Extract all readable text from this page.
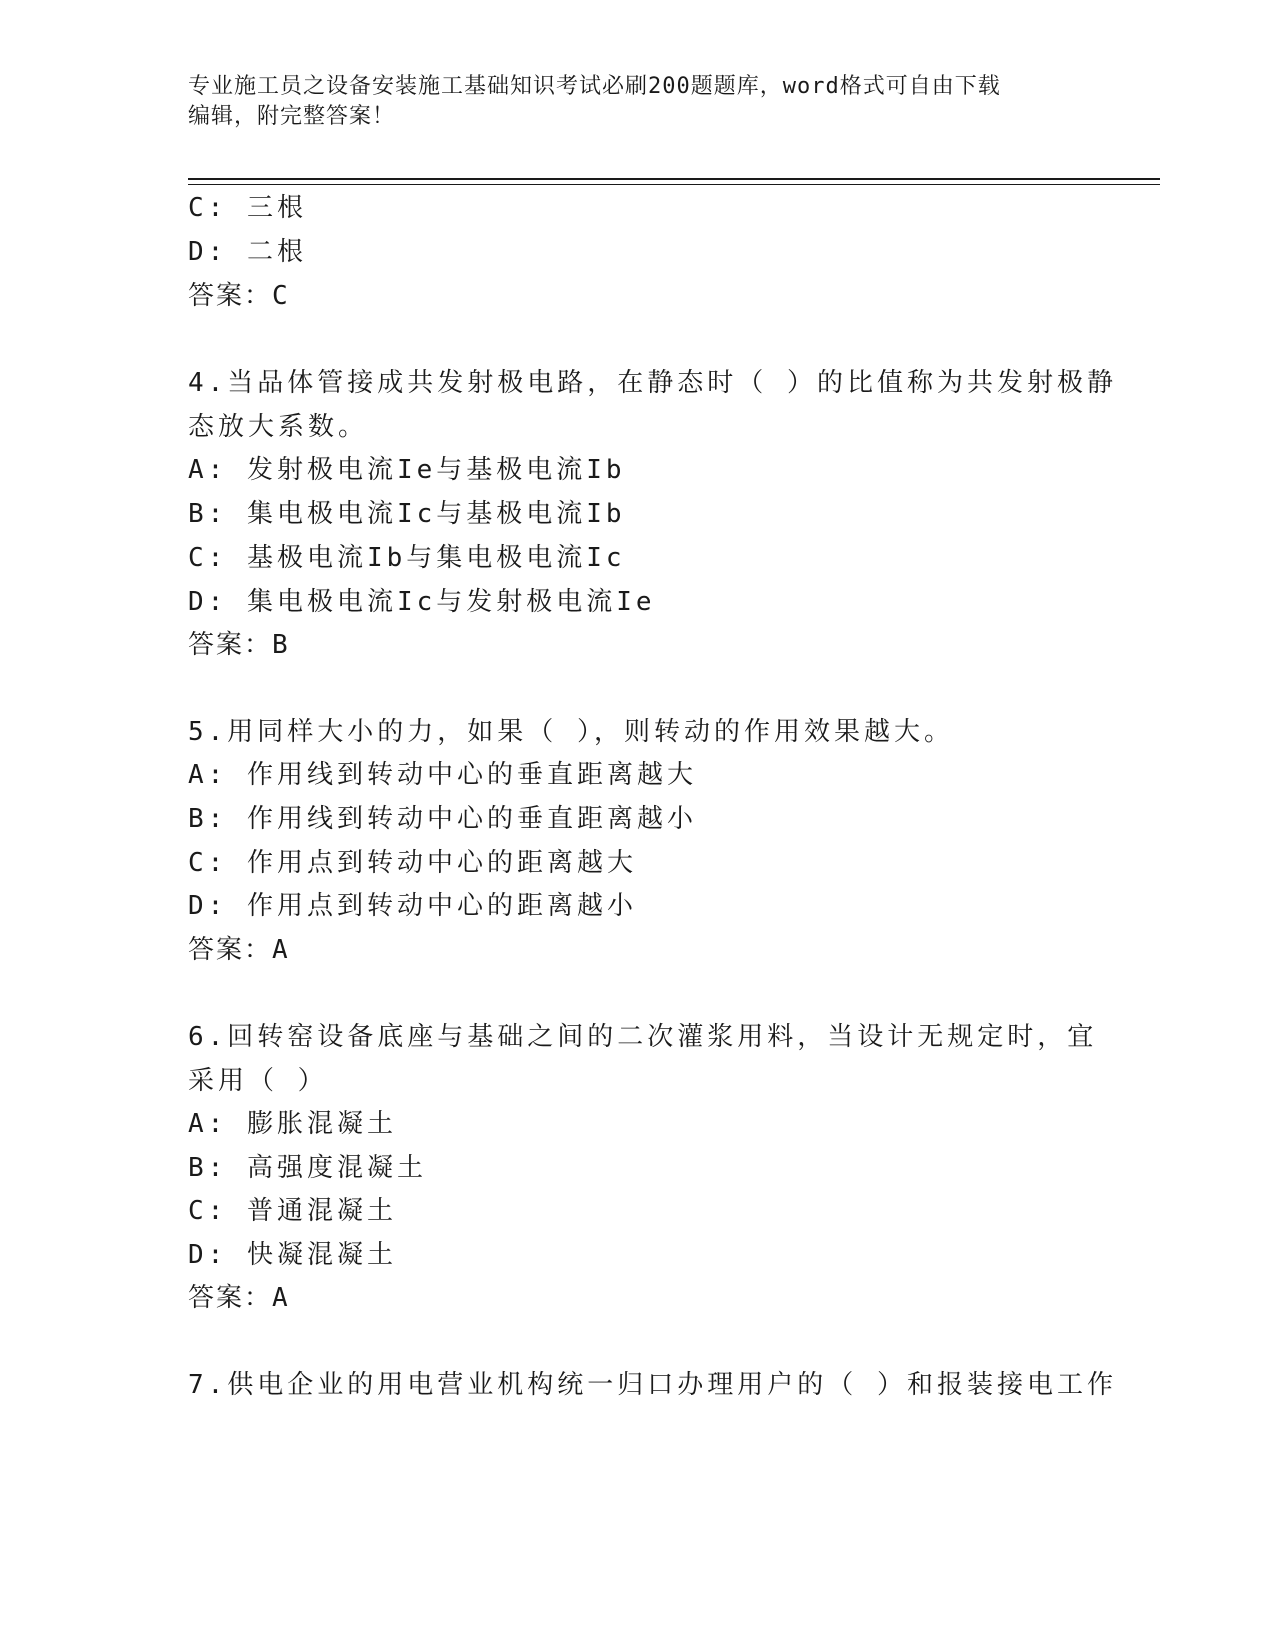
专业施工员之设备安装施工基础知识考试必刷200题题库，word格式可自由下载
编辑，附完整答案！
C: 三根
D: 二根
答案：C
4.当品体管接成共发射极电路，在静态时（ ）的比值称为共发射极静
态放大系数。
A: 发射极电流Ie与基极电流Ib
B: 集电极电流Ic与基极电流Ib
C: 基极电流Ib与集电极电流Ic
D: 集电极电流Ic与发射极电流Ie
答案：B
5.用同样大小的力，如果（ ），则转动的作用效果越大。
A: 作用线到转动中心的垂直距离越大
B: 作用线到转动中心的垂直距离越小
C: 作用点到转动中心的距离越大
D: 作用点到转动中心的距离越小
答案：A
6.回转窑设备底座与基础之间的二次灌浆用料，当设计无规定时，宜
采用（ ）
A: 膨胀混凝土
B: 高强度混凝土
C: 普通混凝土
D: 快凝混凝土
答案：A
7.供电企业的用电营业机构统一归口办理用户的（ ）和报装接电工作
